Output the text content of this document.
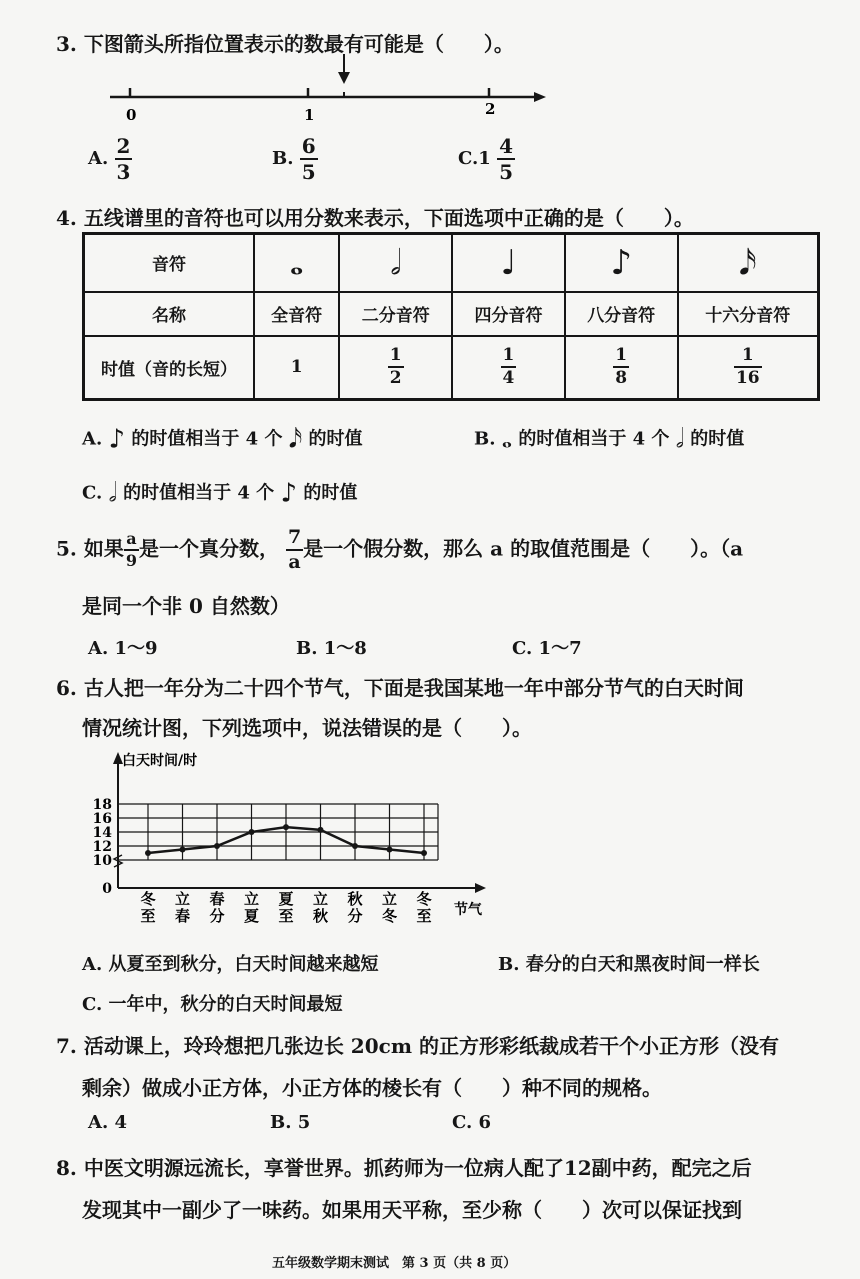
3. 下图箭头所指位置表示的数最有可能是（　　）。
0	1	2
A. $\frac{2}{3}$	B. $\frac{6}{5}$	$C.1 \frac{4}{5}$
4. 五线谱里的音符也可以用分数来表示，下面选项中正确的是（　　）。
音符	𝅝	𝅗𝅥	♩	♪	𝅘𝅥𝅯
名称	全音符	二分音符	四分音符	八分音符	十六分音符
时值（音的长短）	1	$\frac{1}{2}$	$\frac{1}{4}$	$\frac{1}{8}$	$\frac{1}{16}$
A. ♪ 的时值相当于 4 个 𝅘𝅥𝅯 的时值	B. 𝅝 的时值相当于 4 个 𝅗𝅥 的时值
C. 𝅗𝅥 的时值相当于 4 个 ♪ 的时值
5. 如果 $\frac{a}{9}$ 是一个真分数， $\frac{7}{a}$ 是一个假分数，那么 a 的取值范围是（　　）。（a
是同一个非 0 自然数）
A. 1～9	B. 1～8	C. 1～7
6. 古人把一年分为二十四个节气，下面是我国某地一年中部分节气的白天时间
情况统计图，下列选项中，说法错误的是（　　）。
白天时间/时
节气
0
10
12
14
16
18
冬
至
立
春
春
分
立
夏
夏
至
立
秋
秋
分
立
冬
冬
至
A. 从夏至到秋分，白天时间越来越短	B. 春分的白天和黑夜时间一样长
C. 一年中，秋分的白天时间最短
7. 活动课上，玲玲想把几张边长 20cm 的正方形彩纸裁成若干个小正方形（没有
剩余）做成小正方体，小正方体的棱长有（　　）种不同的规格。
A. 4	B. 5	C. 6
8. 中医文明源远流长，享誉世界。抓药师为一位病人配了12副中药，配完之后
发现其中一副少了一味药。如果用天平称，至少称（　　）次可以保证找到
五年级数学期末测试　第 3 页（共 8 页）
